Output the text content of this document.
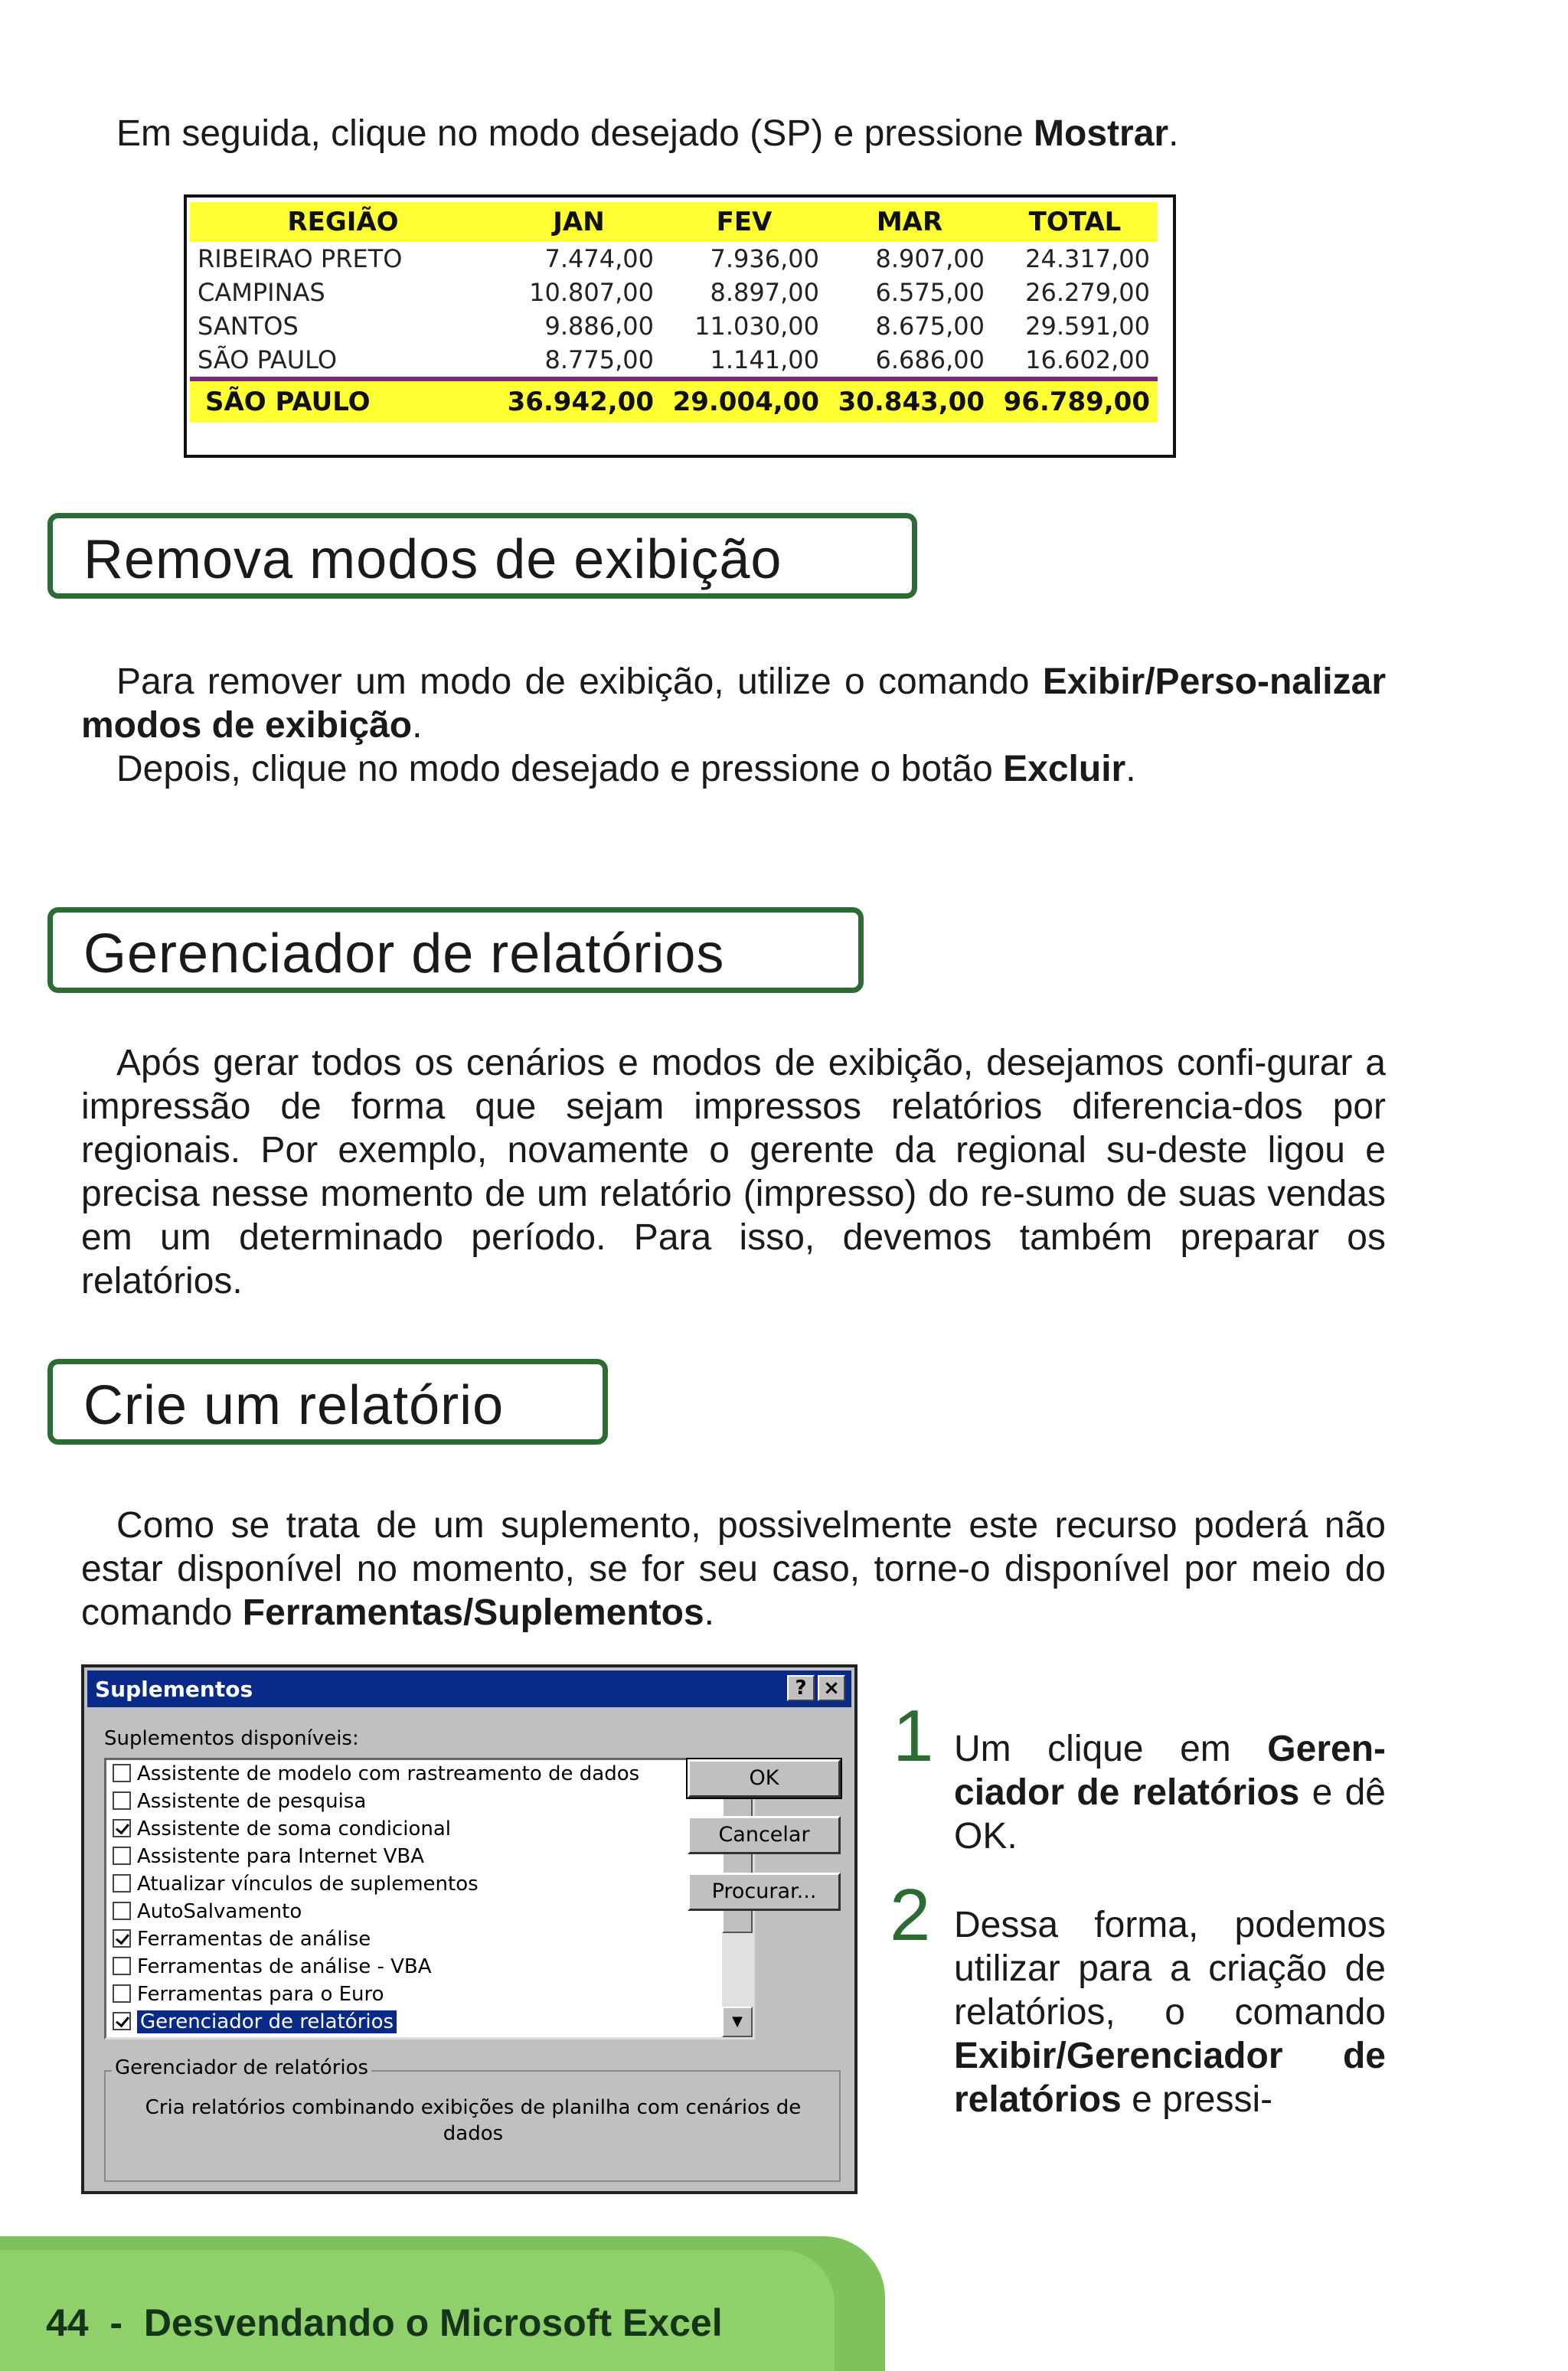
Em seguida, clique no modo desejado (SP) e pressione Mostrar.

REGIÃO	JAN	FEV	MAR	TOTAL
RIBEIRAO PRETO	7.474,00	7.936,00	8.907,00	24.317,00
CAMPINAS	10.807,00	8.897,00	6.575,00	26.279,00
SANTOS	9.886,00	11.030,00	8.675,00	29.591,00
SÃO PAULO	8.775,00	1.141,00	6.686,00	16.602,00
SÃO PAULO	36.942,00	29.004,00	30.843,00	96.789,00
Remova modos de exibição

Para remover um modo de exibição, utilize o comando Exibir/Perso-nalizar modos de exibição.
Depois, clique no modo desejado e pressione o botão Excluir.

Gerenciador de relatórios

Após gerar todos os cenários e modos de exibição, desejamos confi-gurar a impressão de forma que sejam impressos relatórios diferencia-dos por regionais. Por exemplo, novamente o gerente da regional su-deste ligou e precisa nesse momento de um relatório (impresso) do re-sumo de suas vendas em um determinado período. Para isso, devemos também preparar os relatórios.

Crie um relatório

Como se trata de um suplemento, possivelmente este recurso poderá não estar disponível no momento, se for seu caso, torne-o disponível por meio do comando Ferramentas/Suplementos.

Suplementos	? ×
Suplementos disponíveis:
Assistente de modelo com rastreamento de dados
Assistente de pesquisa
Assistente de soma condicional
Assistente para Internet VBA
Atualizar vínculos de suplementos
AutoSalvamento
Ferramentas de análise
Ferramentas de análise - VBA
Ferramentas para o Euro
Gerenciador de relatórios	▼
OK
Cancelar
Procurar...
Gerenciador de relatórios
Cria relatórios combinando exibições de planilha com cenários de dados
1 Um clique em Geren-ciador de relatórios e dê OK.

2 Dessa forma, podemos utilizar para a criação de relatórios, o comando Exibir/Gerenciador de relatórios e pressi-

44 - Desvendando o Microsoft Excel
